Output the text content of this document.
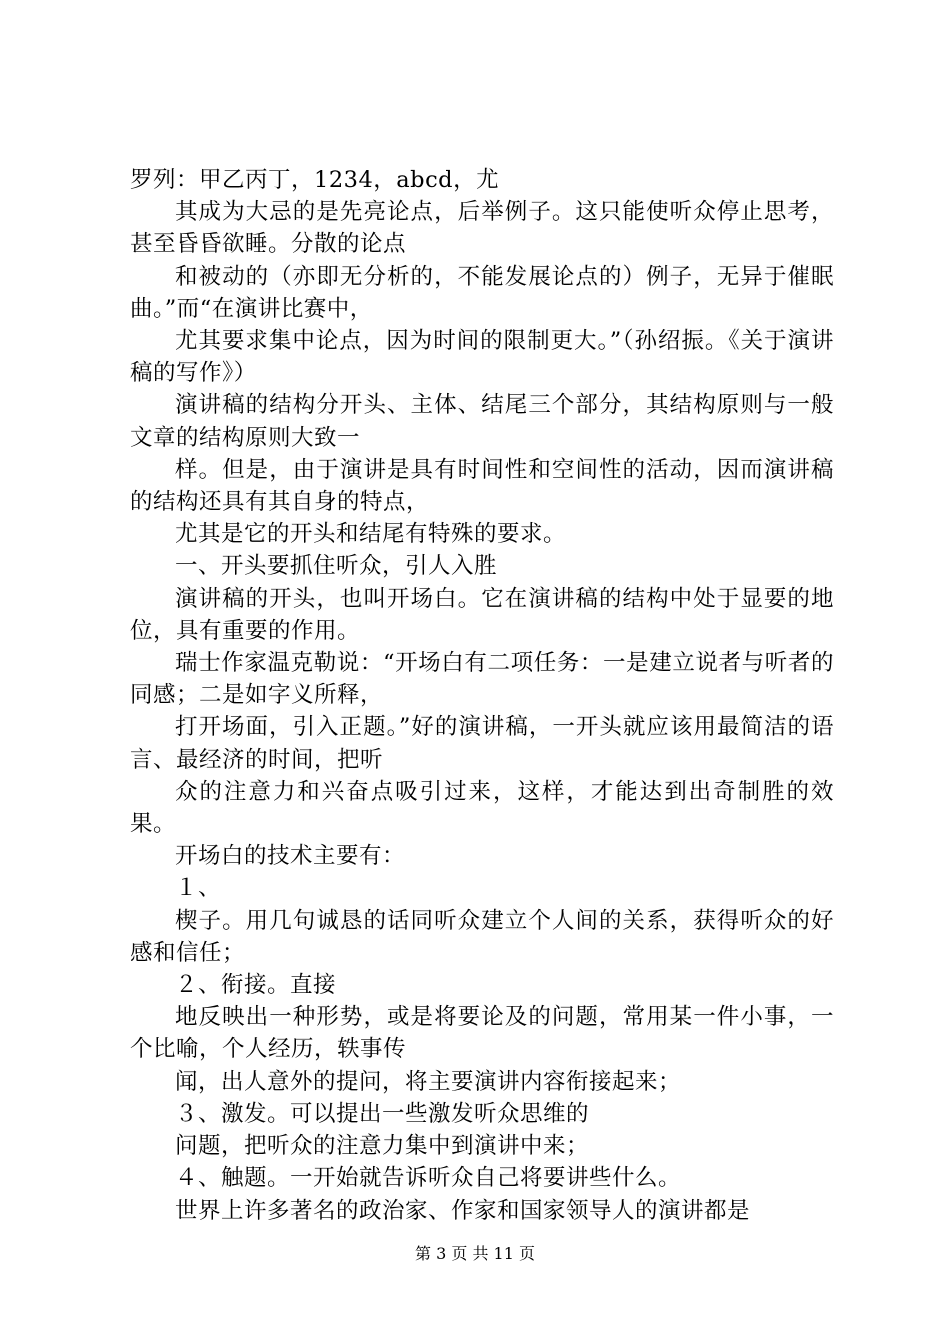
罗列：甲乙丙丁，1234，abcd，尤

其成为大忌的是先亮论点，后举例子。这只能使听众停止思考，甚至昏昏欲睡。分散的论点

和被动的（亦即无分析的，不能发展论点的）例子，无异于催眠曲。”而“在演讲比赛中，

尤其要求集中论点，因为时间的限制更大。”（孙绍振。《关于演讲稿的写作》）

演讲稿的结构分开头、主体、结尾三个部分，其结构原则与一般文章的结构原则大致一

样。但是，由于演讲是具有时间性和空间性的活动，因而演讲稿的结构还具有其自身的特点，

尤其是它的开头和结尾有特殊的要求。

一、开头要抓住听众，引人入胜

演讲稿的开头，也叫开场白。它在演讲稿的结构中处于显要的地位，具有重要的作用。

瑞士作家温克勒说：“开场白有二项任务：一是建立说者与听者的同感；二是如字义所释，

打开场面，引入正题。”好的演讲稿，一开头就应该用最简洁的语言、最经济的时间，把听

众的注意力和兴奋点吸引过来，这样，才能达到出奇制胜的效果。

开场白的技术主要有：

１、

楔子。用几句诚恳的话同听众建立个人间的关系，获得听众的好感和信任；

２、衔接。直接

地反映出一种形势，或是将要论及的问题，常用某一件小事，一个比喻，个人经历，轶事传

闻，出人意外的提问，将主要演讲内容衔接起来；

３、激发。可以提出一些激发听众思维的

问题，把听众的注意力集中到演讲中来；

４、触题。一开始就告诉听众自己将要讲些什么。

世界上许多著名的政治家、作家和国家领导人的演讲都是

第 3 页 共 11 页
